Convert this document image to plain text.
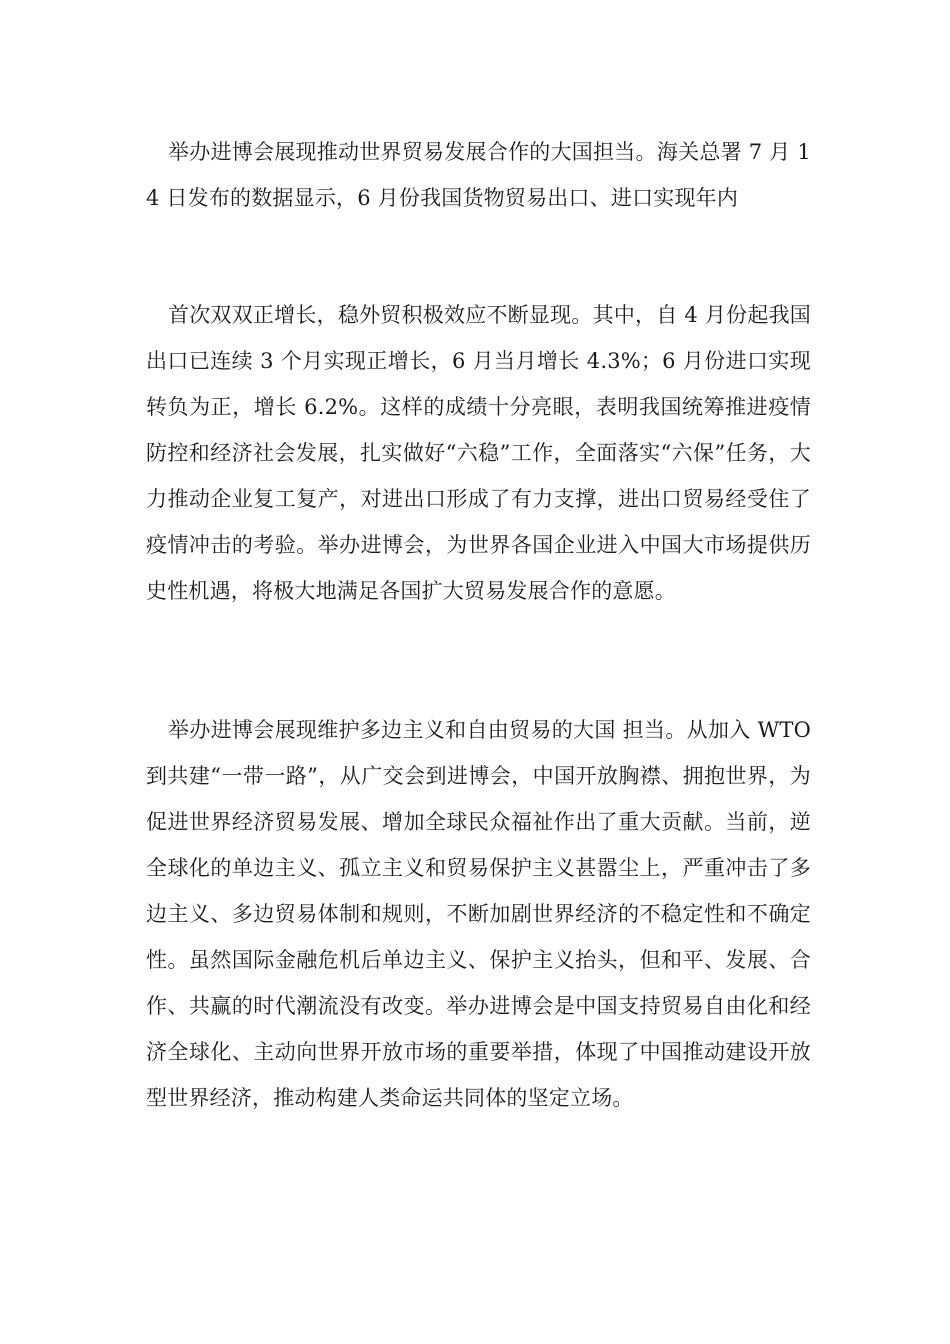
举办进博会展现推动世界贸易发展合作的大国担当。海关总署 7 月 14 日发布的数据显示，6 月份我国货物贸易出口、进口实现年内

首次双双正增长，稳外贸积极效应不断显现。其中，自 4 月份起我国出口已连续 3 个月实现正增长，6 月当月增长 4.3%；6 月份进口实现转负为正，增长 6.2%。这样的成绩十分亮眼，表明我国统筹推进疫情防控和经济社会发展，扎实做好“六稳”工作，全面落实“六保”任务，大力推动企业复工复产，对进出口形成了有力支撑，进出口贸易经受住了疫情冲击的考验。举办进博会，为世界各国企业进入中国大市场提供历史性机遇，将极大地满足各国扩大贸易发展合作的意愿。

举办进博会展现维护多边主义和自由贸易的大国 担当。从加入 WTO 到共建“一带一路”，从广交会到进博会，中国开放胸襟、拥抱世界，为促进世界经济贸易发展、增加全球民众福祉作出了重大贡献。当前，逆全球化的单边主义、孤立主义和贸易保护主义甚嚣尘上，严重冲击了多边主义、多边贸易体制和规则，不断加剧世界经济的不稳定性和不确定性。虽然国际金融危机后单边主义、保护主义抬头，但和平、发展、合作、共赢的时代潮流没有改变。举办进博会是中国支持贸易自由化和经济全球化、主动向世界开放市场的重要举措，体现了中国推动建设开放型世界经济，推动构建人类命运共同体的坚定立场。
